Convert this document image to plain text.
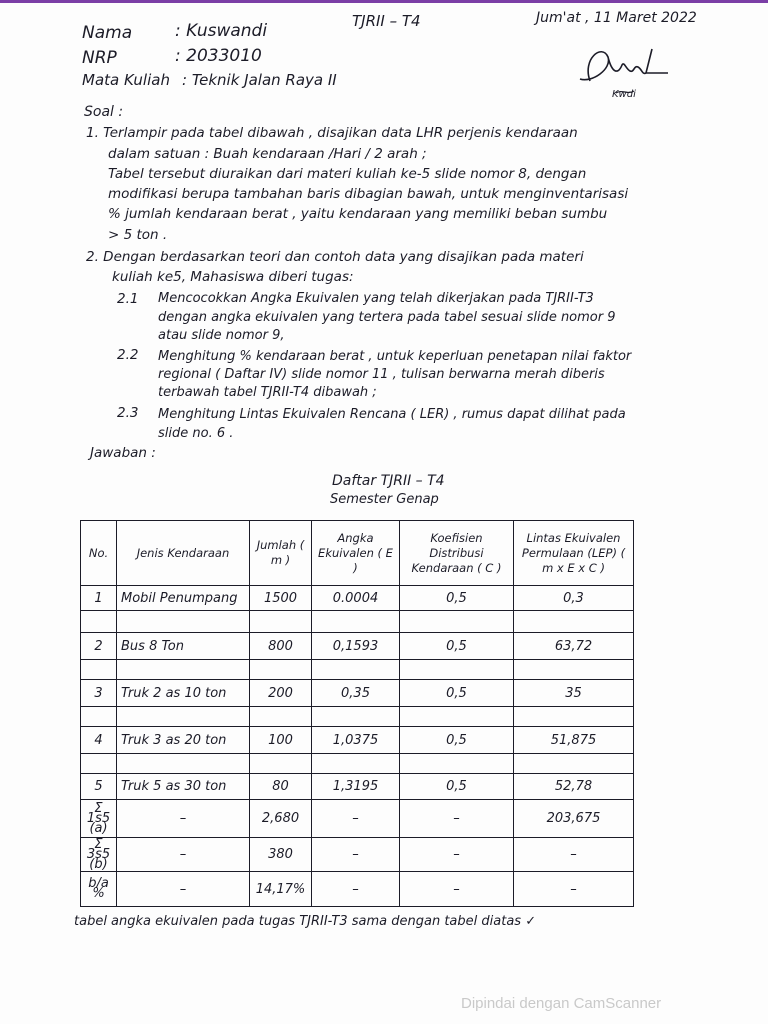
Nama	: Kuswandi
NRP	: 2033010
Mata Kuliah : Teknik Jalan Raya II
TJRII – T4	Jum'at , 11 Maret 2022
Kwdi
Soal :
1. Terlampir pada tabel dibawah , disajikan data LHR perjenis kendaraan
dalam satuan : Buah kendaraan /Hari / 2 arah ;
Tabel tersebut diuraikan dari materi kuliah ke-5 slide nomor 8, dengan
modifikasi berupa tambahan baris dibagian bawah, untuk menginventarisasi
% jumlah kendaraan berat , yaitu kendaraan yang memiliki beban sumbu
> 5 ton .
2. Dengan berdasarkan teori dan contoh data yang disajikan pada materi
kuliah ke5, Mahasiswa diberi tugas:
2.1 Mencocokkan Angka Ekuivalen yang telah dikerjakan pada TJRII-T3
dengan angka ekuivalen yang tertera pada tabel sesuai slide nomor 9
atau slide nomor 9,
2.2 Menghitung % kendaraan berat , untuk keperluan penetapan nilai faktor
regional ( Daftar IV) slide nomor 11 , tulisan berwarna merah diberis
terbawah tabel TJRII-T4 dibawah ;
2.3 Menghitung Lintas Ekuivalen Rencana ( LER) , rumus dapat dilihat pada
slide no. 6 .
Jawaban :
Daftar TJRII – T4
Semester Genap
No.	Jenis Kendaraan	Jumlah ( m )	Angka Ekuivalen ( E )	Koefisien Distribusi Kendaraan ( C )	Lintas Ekuivalen Permulaan (LEP) ( m x E x C )
1	Mobil Penumpang	1500	0.0004	0,5	0,3

2	Bus 8 Ton	800	0,1593	0,5	63,72

3	Truk 2 as 10 ton	200	0,35	0,5	35

4	Truk 3 as 20 ton	100	1,0375	0,5	51,875

5	Truk 5 as 30 ton	80	1,3195	0,5	52,78
Σ 1s5 (a)	–	2,680	–	–	203,675
Σ 3s5 (b)	–	380	–	–	–
b/a %	–	14,17%	–	–	–
tabel angka ekuivalen pada tugas TJRII-T3 sama dengan tabel diatas ✓
Dipindai dengan CamScanner
